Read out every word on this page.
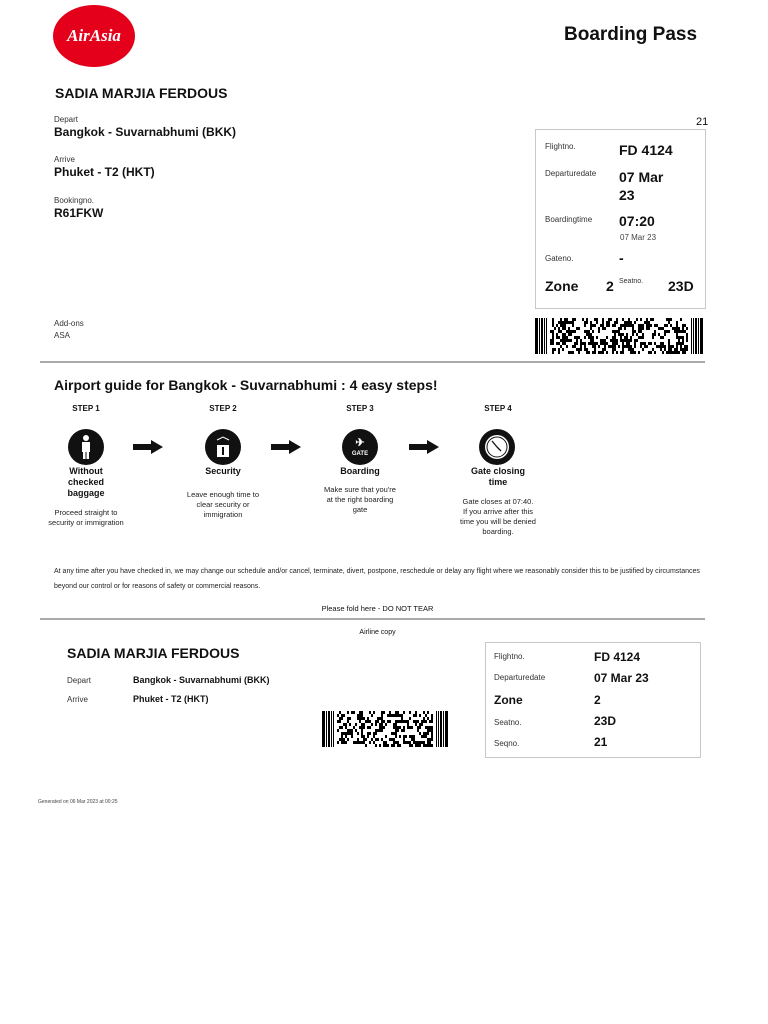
AirAsia	Boarding Pass
SADIA MARJIA FERDOUS
Depart
Bangkok - Suvarnabhumi (BKK)
Arrive
Phuket - T2 (HKT)
Bookingno.
R61FKW
21
Flightno.	FD 4124
Departuredate 07 Mar
23
Boardingtime 07:20
07 Mar 23
Gateno.	-
Zone 2 Seatno. 23D
Add-ons
ASA
Airport guide for Bangkok - Suvarnabhumi : 4 easy steps!
STEP 1
Without checked baggage
Proceed straight to security or immigration
STEP 2
Security
Leave enough time to clear security or immigration
STEP 3
✈
GATE
Boarding
Make sure that you're at the right boarding gate
STEP 4
Gate closing time
Gate closes at 07:40. If you arrive after this time you will be denied boarding.
At any time after you have checked in, we may change our schedule and/or cancel, terminate, divert, postpone, reschedule or delay any flight where we reasonably consider this to be justified by circumstances beyond our control or for reasons of safety or commercial reasons.
Please fold here - DO NOT TEAR
Airline copy
SADIA MARJIA FERDOUS
Depart	Bangkok - Suvarnabhumi (BKK)
Arrive	Phuket - T2 (HKT)
Flightno.	FD 4124
Departuredate	07 Mar 23
Zone	2
Seatno.	23D
Seqno.	21
Generated on 06 Mar 2023 at 00:25
